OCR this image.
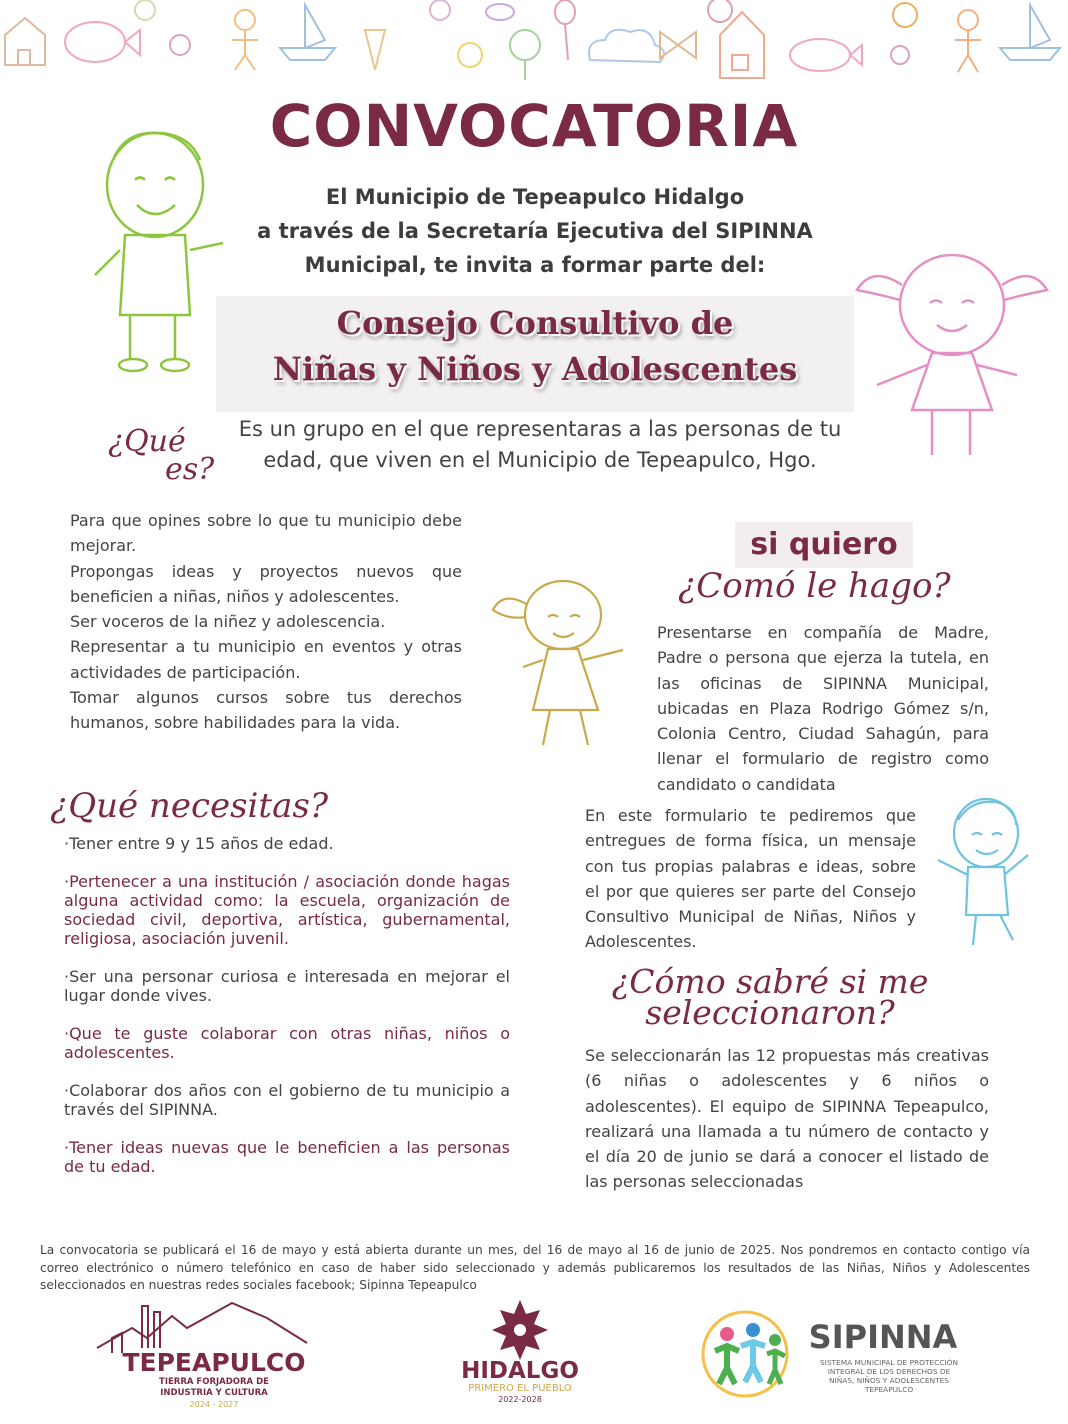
CONVOCATORIA
El Municipio de Tepeapulco Hidalgo
a través de la Secretaría Ejecutiva del SIPINNA
Municipal, te invita a formar parte del:
Consejo Consultivo de
Niñas y Niños y Adolescentes
¿Qué
es?
Es un grupo en el que representaras a las personas de tu edad, que viven en el Municipio de Tepeapulco, Hgo.

Para que opines sobre lo que tu municipio debe mejorar.

Propongas ideas y proyectos nuevos que beneficien a niñas, niños y adolescentes.

Ser voceros de la niñez y adolescencia.

Representar a tu municipio en eventos y otras actividades de participación.

Tomar algunos cursos sobre tus derechos humanos, sobre habilidades para la vida.

si quiero
¿Comó le hago?
Presentarse en compañía de Madre, Padre o persona que ejerza la tutela, en las oficinas de SIPINNA Municipal, ubicadas en Plaza Rodrigo Gómez s/n, Colonia Centro, Ciudad Sahagún, para llenar el formulario de registro como candidato o candidata
¿Qué necesitas?

·Tener entre 9 y 15 años de edad.

·Pertenecer a una institución / asociación donde hagas alguna actividad como: la escuela, organización de sociedad civil, deportiva, artística, gubernamental, religiosa, asociación juvenil.

·Ser una personar curiosa e interesada en mejorar el lugar donde vives.

·Que te guste colaborar con otras niñas, niños o adolescentes.

·Colaborar dos años con el gobierno de tu municipio a través del SIPINNA.

·Tener ideas nuevas que le beneficien a las personas de tu edad.

En este formulario te pediremos que entregues de forma física, un mensaje con tus propias palabras e ideas, sobre el por que quieres ser parte del Consejo Consultivo Municipal de Niñas, Niños y Adolescentes.
¿Cómo sabré si me
seleccionaron?
Se seleccionarán las 12 propuestas más creativas (6 niñas o adolescentes y 6 niños o adolescentes). El equipo de SIPINNA Tepeapulco, realizará una llamada a tu número de contacto y el día 20 de junio se dará a conocer el listado de las personas seleccionadas
La convocatoria se publicará el 16 de mayo y está abierta durante un mes, del 16 de mayo al 16 de junio de 2025. Nos pondremos en contacto contigo vía correo electrónico o número telefónico en caso de haber sido seleccionado y además publicaremos los resultados de las Niñas, Niños y Adolescentes seleccionados en nuestras redes sociales facebook; Sipinna Tepeapulco
TEPEAPULCO
TIERRA FORJADORA DE
INDUSTRIA Y CULTURA
2024 - 2027
HIDALGO
PRIMERO EL PUEBLO
2022-2028
SIPINNA
SISTEMA MUNICIPAL DE PROTECCIÓN
INTEGRAL DE LOS DERECHOS DE
NIÑAS, NIÑOS Y ADOLESCENTES
TEPEAPULCO
